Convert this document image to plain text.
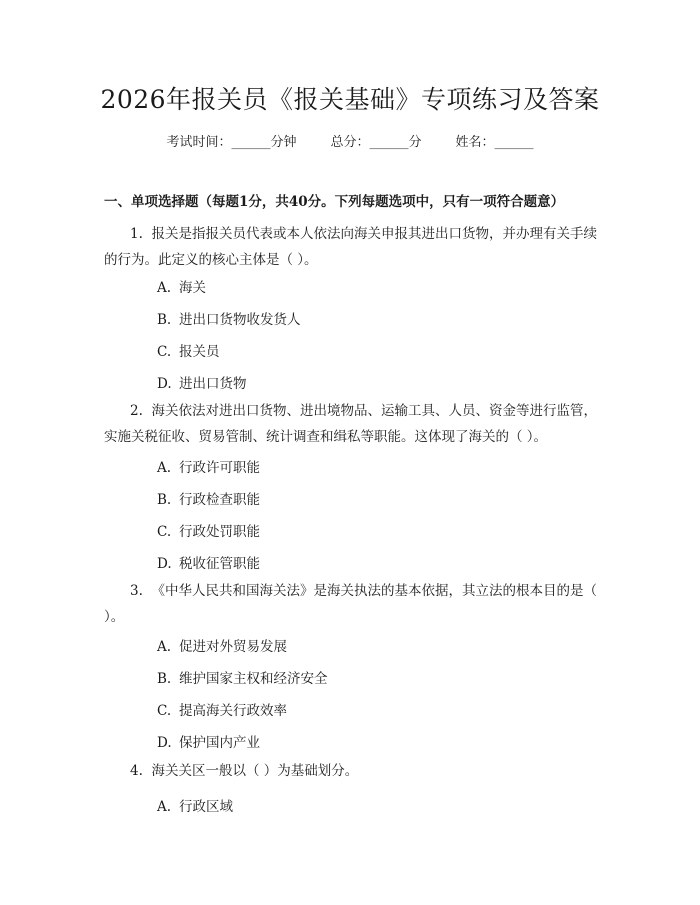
2026年报关员《报关基础》专项练习及答案
考试时间：______分钟	总分：______分	姓名：______
一、单项选择题（每题1分，共40分。下列每题选项中，只有一项符合题意）
1. 报关是指报关员代表或本人依法向海关申报其进出口货物，并办理有关手续的行为。此定义的核心主体是（ ）。
A. 海关
B. 进出口货物收发货人
C. 报关员
D. 进出口货物
2. 海关依法对进出口货物、进出境物品、运输工具、人员、资金等进行监管，实施关税征收、贸易管制、统计调查和缉私等职能。这体现了海关的（ ）。
A. 行政许可职能
B. 行政检查职能
C. 行政处罚职能
D. 税收征管职能
3. 《中华人民共和国海关法》是海关执法的基本依据，其立法的根本目的是（ ）。
A. 促进对外贸易发展
B. 维护国家主权和经济安全
C. 提高海关行政效率
D. 保护国内产业
4. 海关关区一般以（ ）为基础划分。
A. 行政区域
